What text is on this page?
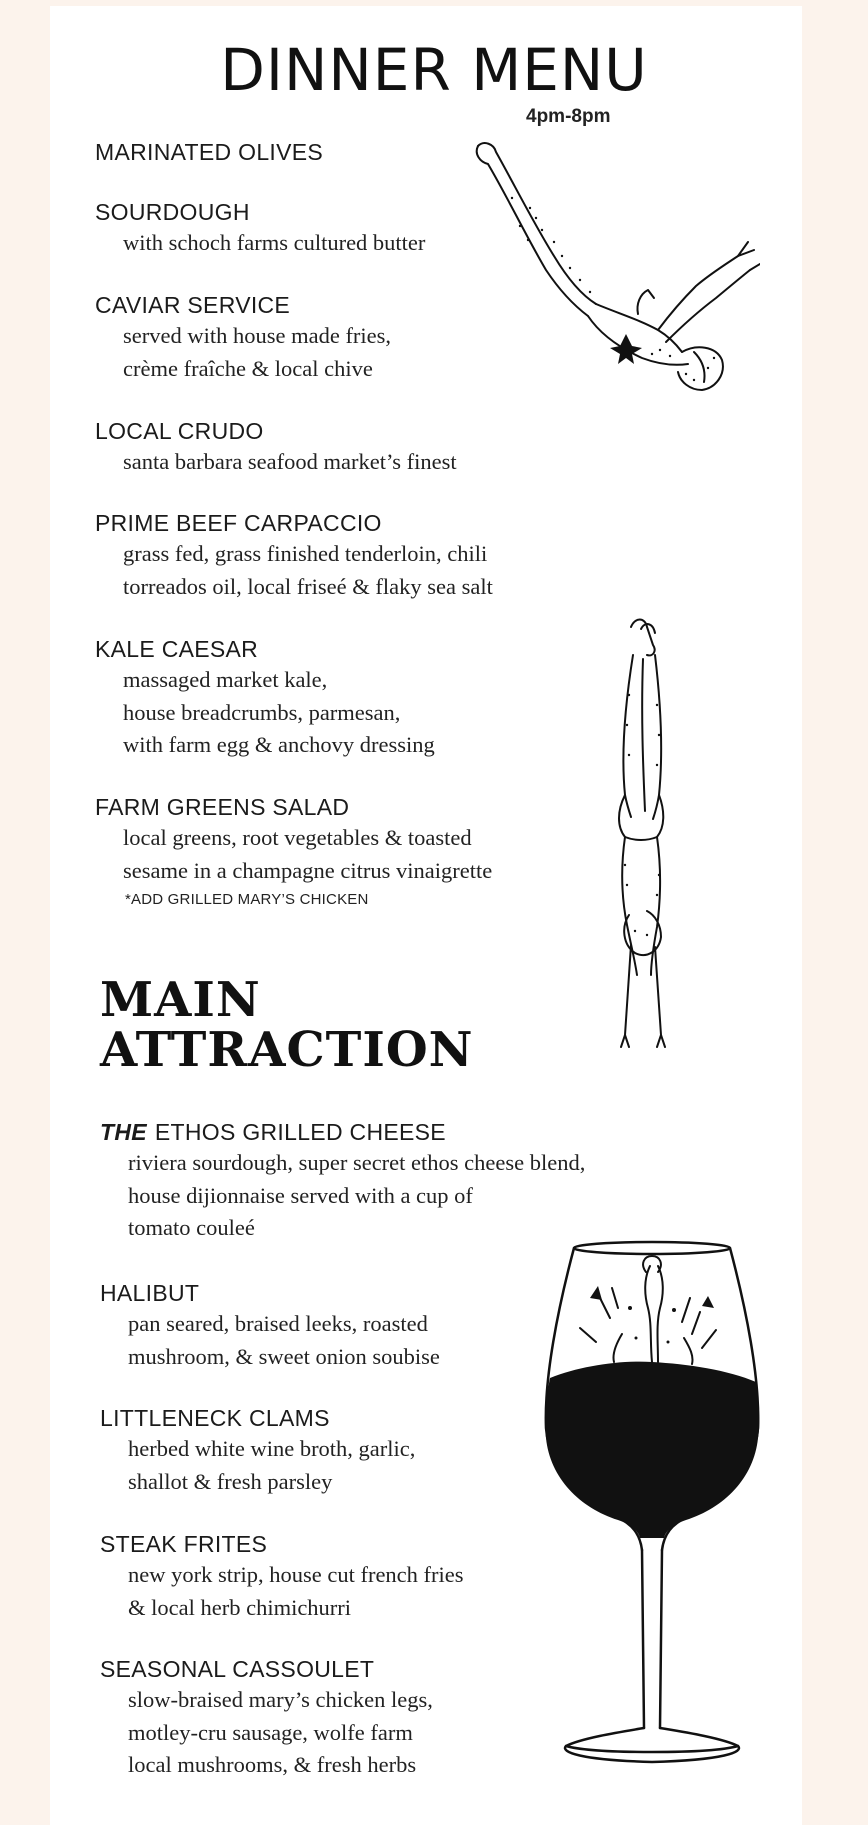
DINNER MENU
4pm-8pm
MARINATED OLIVES
SOURDOUGH
with schoch farms cultured butter
CAVIAR SERVICE
served with house made fries,
crème fraîche & local chive
LOCAL CRUDO
santa barbara seafood market’s finest
PRIME BEEF CARPACCIO
grass fed, grass finished tenderloin, chili
torreados oil, local friseé & flaky sea salt
KALE CAESAR
massaged market kale,
house breadcrumbs, parmesan,
with farm egg & anchovy dressing
FARM GREENS SALAD
local greens, root vegetables & toasted
sesame in a champagne citrus vinaigrette
*ADD GRILLED MARY’S CHICKEN
MAIN
ATTRACTION
THE ETHOS GRILLED CHEESE
riviera sourdough, super secret ethos cheese blend,
house dijionnaise served with a cup of
tomato couleé
HALIBUT
pan seared, braised leeks, roasted
mushroom, & sweet onion soubise
LITTLENECK CLAMS
herbed white wine broth, garlic,
shallot & fresh parsley
STEAK FRITES
new york strip, house cut french fries
& local herb chimichurri
SEASONAL CASSOULET
slow-braised mary’s chicken legs,
motley-cru sausage, wolfe farm
local mushrooms, & fresh herbs
